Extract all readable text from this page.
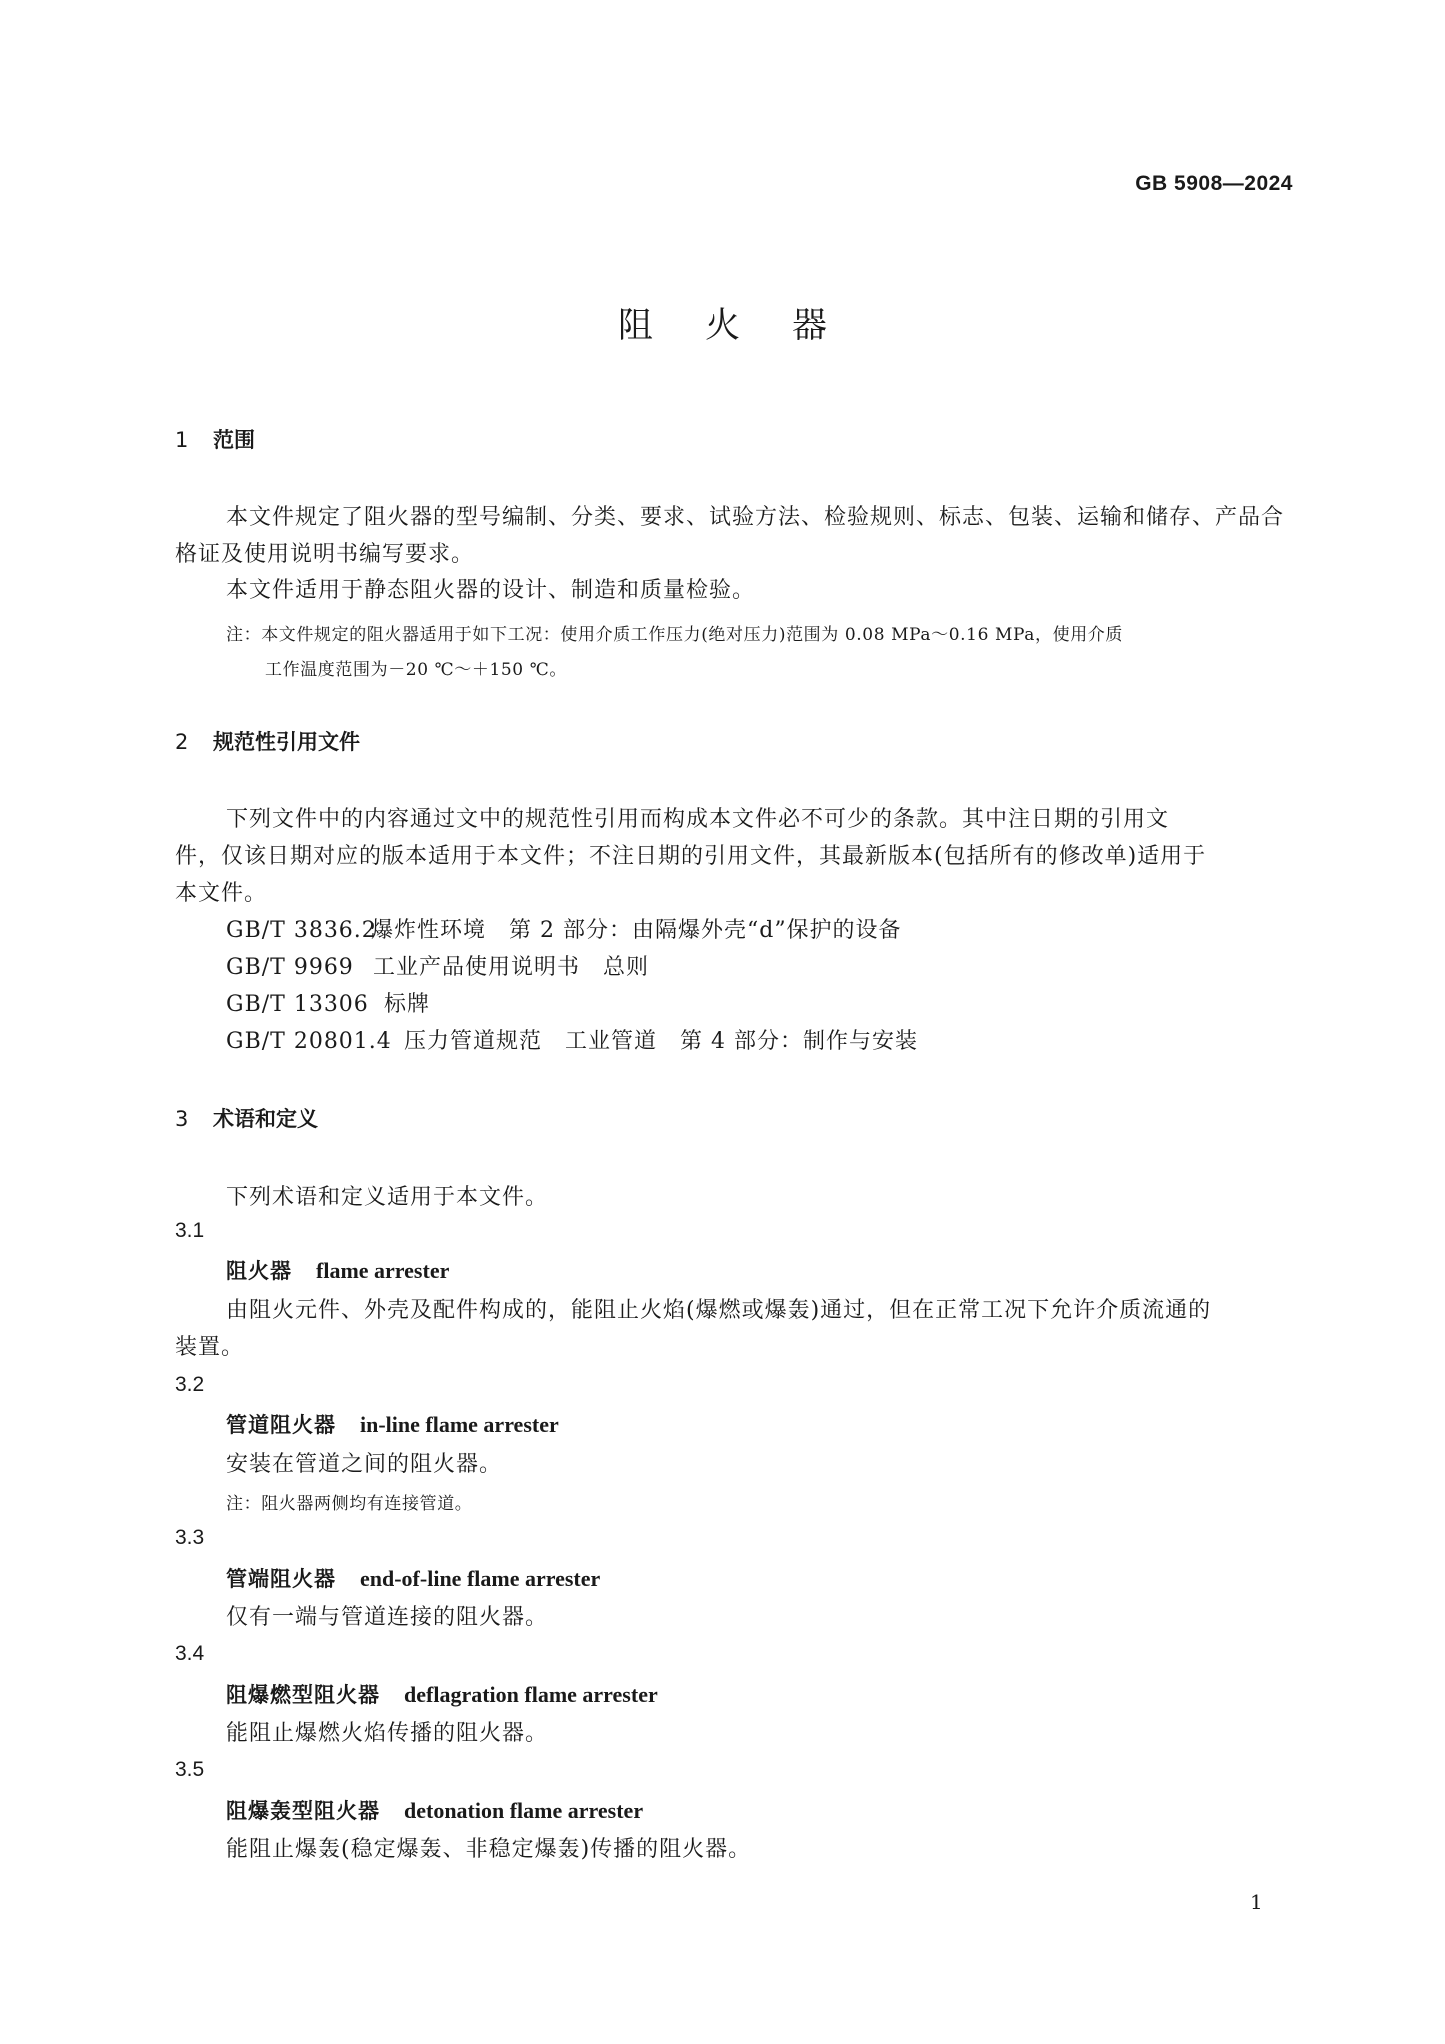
GB 5908—2024
阻火器
1 范围
本文件规定了阻火器的型号编制、分类、要求、试验方法、检验规则、标志、包装、运输和储存、产品合
格证及使用说明书编写要求。
本文件适用于静态阻火器的设计、制造和质量检验。
注：本文件规定的阻火器适用于如下工况：使用介质工作压力(绝对压力)范围为 0.08 MPa～0.16 MPa，使用介质
工作温度范围为－20 ℃～＋150 ℃。
2 规范性引用文件
下列文件中的内容通过文中的规范性引用而构成本文件必不可少的条款。其中注日期的引用文
件，仅该日期对应的版本适用于本文件；不注日期的引用文件，其最新版本(包括所有的修改单)适用于
本文件。
GB/T 3836.2爆炸性环境　第 2 部分：由隔爆外壳“d”保护的设备
GB/T 9969 工业产品使用说明书　总则
GB/T 13306 标牌
GB/T 20801.4 压力管道规范　工业管道　第 4 部分：制作与安装
3 术语和定义
下列术语和定义适用于本文件。
3.1
阻火器 flame arrester
由阻火元件、外壳及配件构成的，能阻止火焰(爆燃或爆轰)通过，但在正常工况下允许介质流通的
装置。
3.2
管道阻火器 in-line flame arrester
安装在管道之间的阻火器。
注：阻火器两侧均有连接管道。
3.3
管端阻火器 end-of-line flame arrester
仅有一端与管道连接的阻火器。
3.4
阻爆燃型阻火器 deflagration flame arrester
能阻止爆燃火焰传播的阻火器。
3.5
阻爆轰型阻火器 detonation flame arrester
能阻止爆轰(稳定爆轰、非稳定爆轰)传播的阻火器。
1
